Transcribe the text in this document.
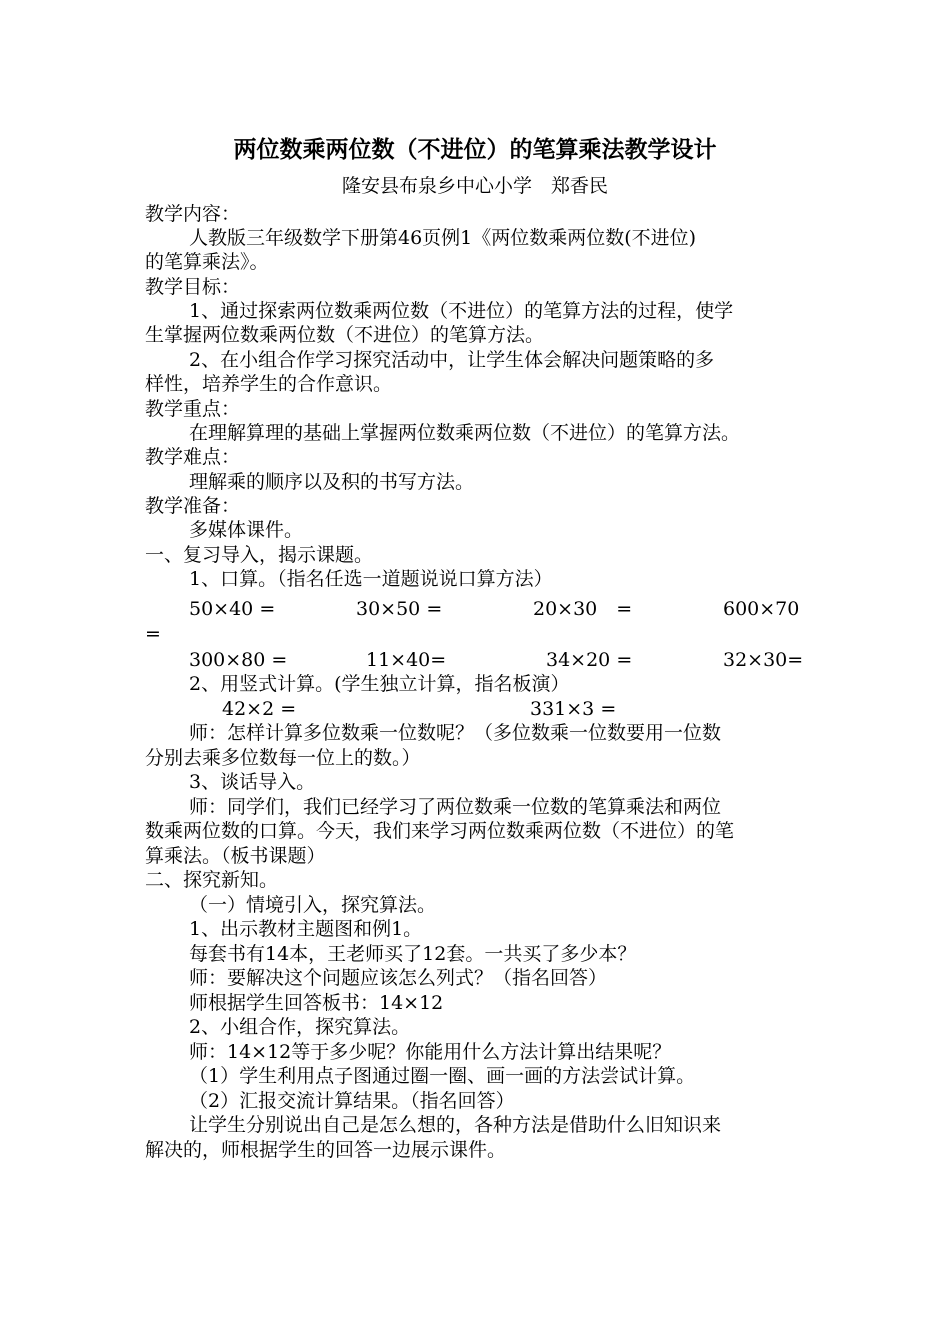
两位数乘两位数（不进位）的笔算乘法教学设计
隆安县布泉乡中心小学　郑香民
教学内容：
人教版三年级数学下册第46页例1《两位数乘两位数(不进位)
的笔算乘法》。
教学目标：
1、通过探索两位数乘两位数（不进位）的笔算方法的过程，使学
生掌握两位数乘两位数（不进位）的笔算方法。
2、在小组合作学习探究活动中，让学生体会解决问题策略的多
样性，培养学生的合作意识。
教学重点：
在理解算理的基础上掌握两位数乘两位数（不进位）的笔算方法。
教学难点：
理解乘的顺序以及积的书写方法。
教学准备：
多媒体课件。
一、复习导入，揭示课题。
1、口算。（指名任选一道题说说口算方法）
50×40 =	30×50 =	20×30　=	600×70
=
300×80 =	11×40=	34×20 =	32×30=
2、用竖式计算。(学生独立计算，指名板演）
42×2 =	331×3 =
师：怎样计算多位数乘一位数呢？（多位数乘一位数要用一位数
分别去乘多位数每一位上的数。）
3、谈话导入。
师：同学们，我们已经学习了两位数乘一位数的笔算乘法和两位
数乘两位数的口算。今天，我们来学习两位数乘两位数（不进位）的笔
算乘法。（板书课题）
二、探究新知。
（一）情境引入，探究算法。
1、出示教材主题图和例1。
每套书有14本，王老师买了12套。一共买了多少本？
师：要解决这个问题应该怎么列式？（指名回答）
师根据学生回答板书：14×12
2、小组合作，探究算法。
师：14×12等于多少呢？你能用什么方法计算出结果呢？
（1）学生利用点子图通过圈一圈、画一画的方法尝试计算。
（2）汇报交流计算结果。（指名回答）
让学生分别说出自己是怎么想的，各种方法是借助什么旧知识来
解决的，师根据学生的回答一边展示课件。
